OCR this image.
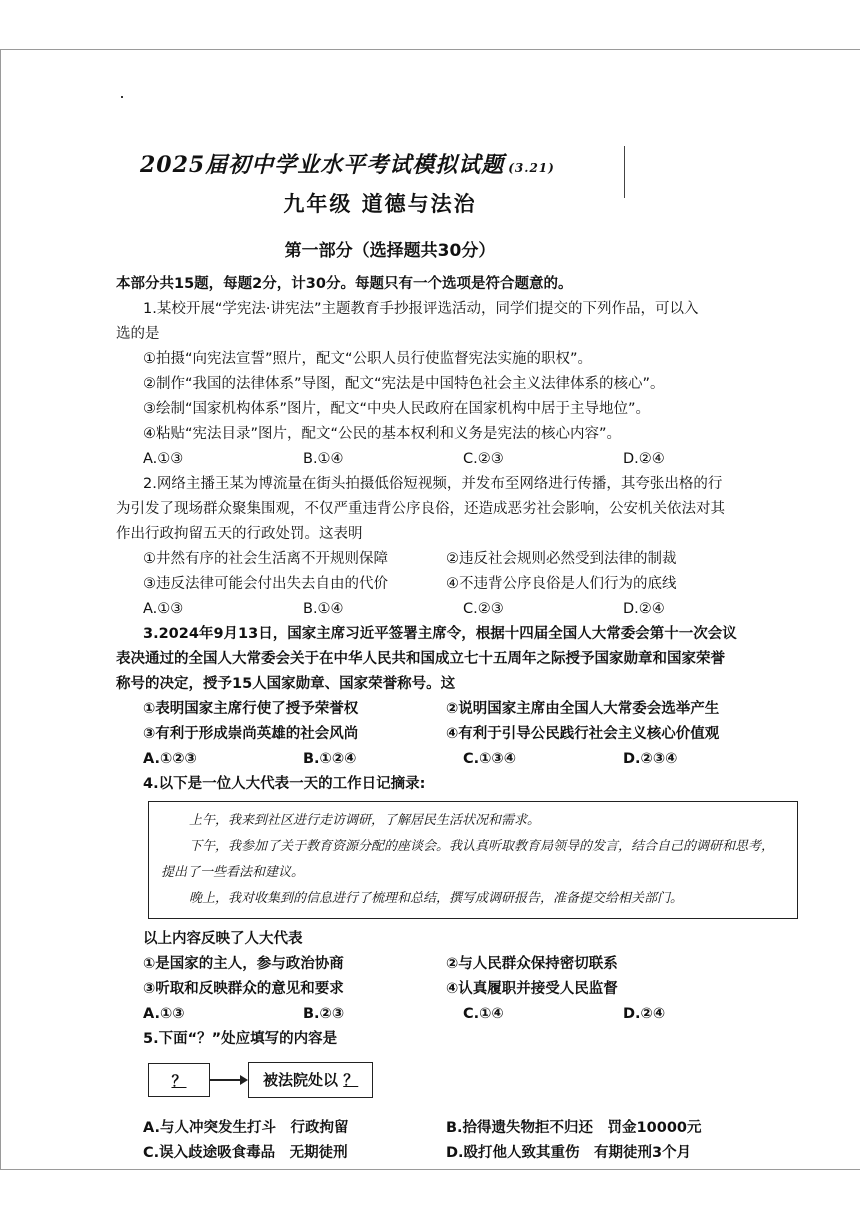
2025届初中学业水平考试模拟试题 (3.21)
九年级 道德与法治
第一部分（选择题共30分）
本部分共15题，每题2分，计30分。每题只有一个选项是符合题意的。
1.某校开展“学宪法·讲宪法”主题教育手抄报评选活动，同学们提交的下列作品，可以入
选的是
①拍摄“向宪法宣誓”照片，配文“公职人员行使监督宪法实施的职权”。
②制作“我国的法律体系”导图，配文“宪法是中国特色社会主义法律体系的核心”。
③绘制“国家机构体系”图片，配文“中央人民政府在国家机构中居于主导地位”。
④粘贴“宪法目录”图片，配文“公民的基本权利和义务是宪法的核心内容”。
A.①③	B.①④	C.②③	D.②④
2.网络主播王某为博流量在街头拍摄低俗短视频，并发布至网络进行传播，其夸张出格的行
为引发了现场群众聚集围观，不仅严重违背公序良俗，还造成恶劣社会影响，公安机关依法对其
作出行政拘留五天的行政处罚。这表明
①井然有序的社会生活离不开规则保障	②违反社会规则必然受到法律的制裁
③违反法律可能会付出失去自由的代价	④不违背公序良俗是人们行为的底线
A.①③	B.①④	C.②③	D.②④
3.2024年9月13日，国家主席习近平签署主席令，根据十四届全国人大常委会第十一次会议
表决通过的全国人大常委会关于在中华人民共和国成立七十五周年之际授予国家勋章和国家荣誉
称号的决定，授予15人国家勋章、国家荣誉称号。这
①表明国家主席行使了授予荣誉权	②说明国家主席由全国人大常委会选举产生
③有利于形成崇尚英雄的社会风尚	④有利于引导公民践行社会主义核心价值观
A.①②③	B.①②④	C.①③④	D.②③④
4.以下是一位人大代表一天的工作日记摘录:
上午，我来到社区进行走访调研，了解居民生活状况和需求。
下午，我参加了关于教育资源分配的座谈会。我认真听取教育局领导的发言，结合自己的调研和思考，提出了一些看法和建议。
晚上，我对收集到的信息进行了梳理和总结，撰写成调研报告，准备提交给相关部门。
以上内容反映了人大代表
①是国家的主人，参与政治协商	②与人民群众保持密切联系
③听取和反映群众的意见和要求	④认真履职并接受人民监督
A.①③	B.②③	C.①④	D.②④
5.下面“？”处应填写的内容是
？	被法院处以 ？
A.与人冲突发生打斗　行政拘留	B.拾得遗失物拒不归还　罚金10000元
C.误入歧途吸食毒品　无期徒刑	D.殴打他人致其重伤　有期徒刑3个月
